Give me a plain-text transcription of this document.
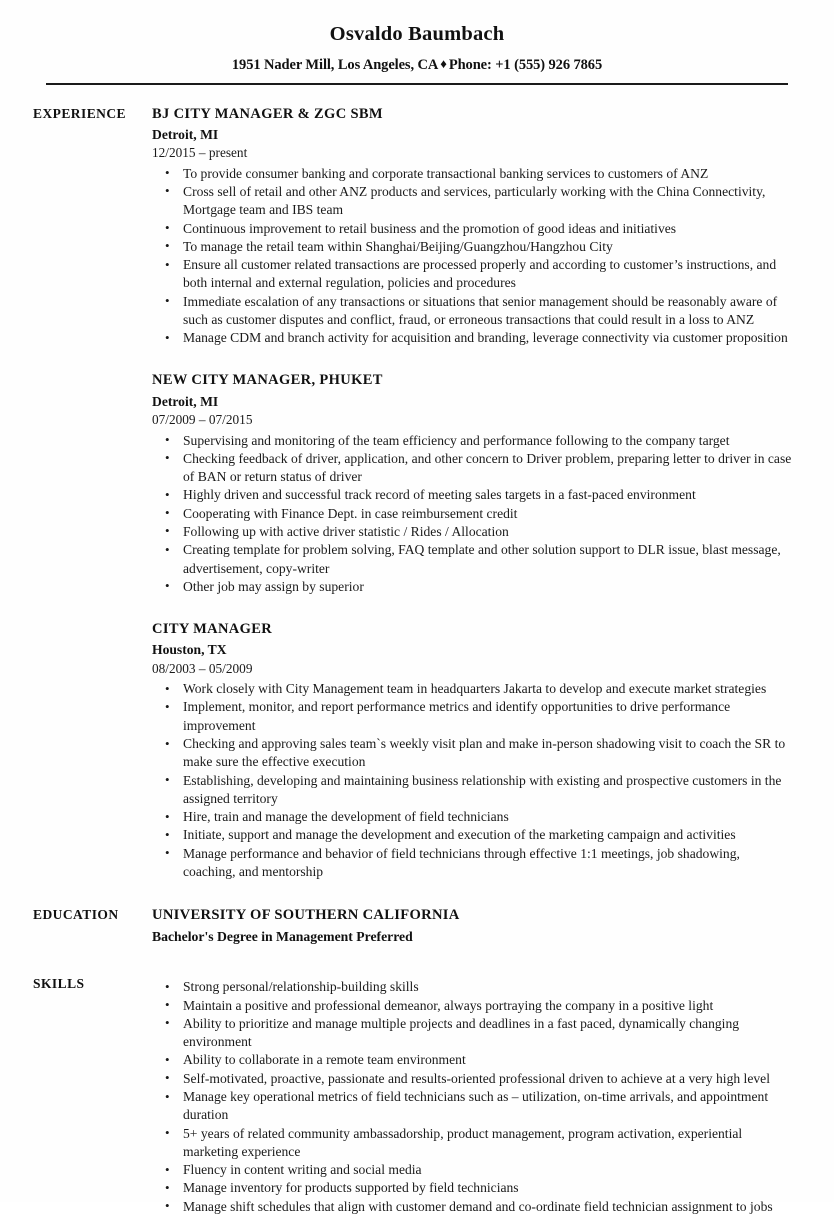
Osvaldo Baumbach
1951 Nader Mill, Los Angeles, CA ♦ Phone: +1 (555) 926 7865
EXPERIENCE	BJ CITY MANAGER & ZGC SBM
Detroit, MI
12/2015 – present
• To provide consumer banking and corporate transactional banking services to customers of ANZ
• Cross sell of retail and other ANZ products and services, particularly working with the China Connectivity, Mortgage team and IBS team
• Continuous improvement to retail business and the promotion of good ideas and initiatives
• To manage the retail team within Shanghai/Beijing/Guangzhou/Hangzhou City
• Ensure all customer related transactions are processed properly and according to customer’s instructions, and both internal and external regulation, policies and procedures
• Immediate escalation of any transactions or situations that senior management should be reasonably aware of such as customer disputes and conflict, fraud, or erroneous transactions that could result in a loss to ANZ
• Manage CDM and branch activity for acquisition and branding, leverage connectivity via customer proposition
NEW CITY MANAGER, PHUKET
Detroit, MI
07/2009 – 07/2015
• Supervising and monitoring of the team efficiency and performance following to the company target
• Checking feedback of driver, application, and other concern to Driver problem, preparing letter to driver in case of BAN or return status of driver
• Highly driven and successful track record of meeting sales targets in a fast-paced environment
• Cooperating with Finance Dept. in case reimbursement credit
• Following up with active driver statistic / Rides / Allocation
• Creating template for problem solving, FAQ template and other solution support to DLR issue, blast message, advertisement, copy-writer
• Other job may assign by superior
CITY MANAGER
Houston, TX
08/2003 – 05/2009
• Work closely with City Management team in headquarters Jakarta to develop and execute market strategies
• Implement, monitor, and report performance metrics and identify opportunities to drive performance improvement
• Checking and approving sales team`s weekly visit plan and make in-person shadowing visit to coach the SR to make sure the effective execution
• Establishing, developing and maintaining business relationship with existing and prospective customers in the assigned territory
• Hire, train and manage the development of field technicians
• Initiate, support and manage the development and execution of the marketing campaign and activities
• Manage performance and behavior of field technicians through effective 1:1 meetings, job shadowing, coaching, and mentorship
EDUCATION	UNIVERSITY OF SOUTHERN CALIFORNIA
Bachelor's Degree in Management Preferred
SKILLS	• Strong personal/relationship-building skills
• Maintain a positive and professional demeanor, always portraying the company in a positive light
• Ability to prioritize and manage multiple projects and deadlines in a fast paced, dynamically changing environment
• Ability to collaborate in a remote team environment
• Self-motivated, proactive, passionate and results-oriented professional driven to achieve at a very high level
• Manage key operational metrics of field technicians such as – utilization, on-time arrivals, and appointment duration
• 5+ years of related community ambassadorship, product management, program activation, experiential marketing experience
• Fluency in content writing and social media
• Manage inventory for products supported by field technicians
• Manage shift schedules that align with customer demand and co-ordinate field technician assignment to jobs
